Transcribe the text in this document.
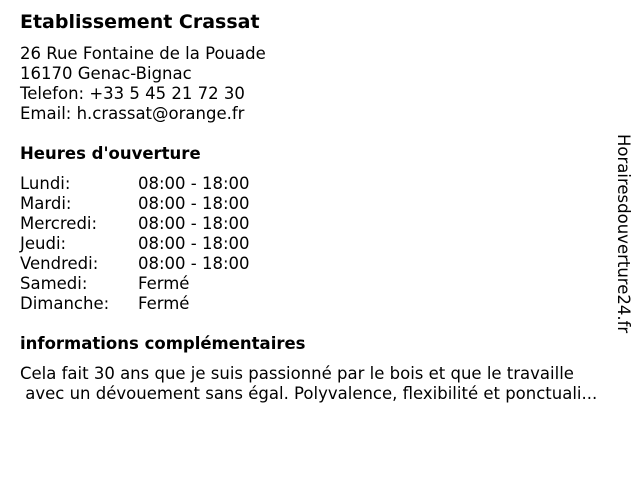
Etablissement Crassat
26 Rue Fontaine de la Pouade
16170 Genac-Bignac
Telefon: +33 5 45 21 72 30
Email: h.crassat@orange.fr
Heures d'ouverture
Lundi:	08:00 - 18:00
Mardi:	08:00 - 18:00
Mercredi: 08:00 - 18:00
Jeudi:	08:00 - 18:00
Vendredi: 08:00 - 18:00
Samedi:	Fermé
Dimanche: Fermé
informations complémentaires
Cela fait 30 ans que je suis passionné par le bois et que le travaille
avec un dévouement sans égal. Polyvalence, flexibilité et ponctuali...
Horairesdouverture24.fr
